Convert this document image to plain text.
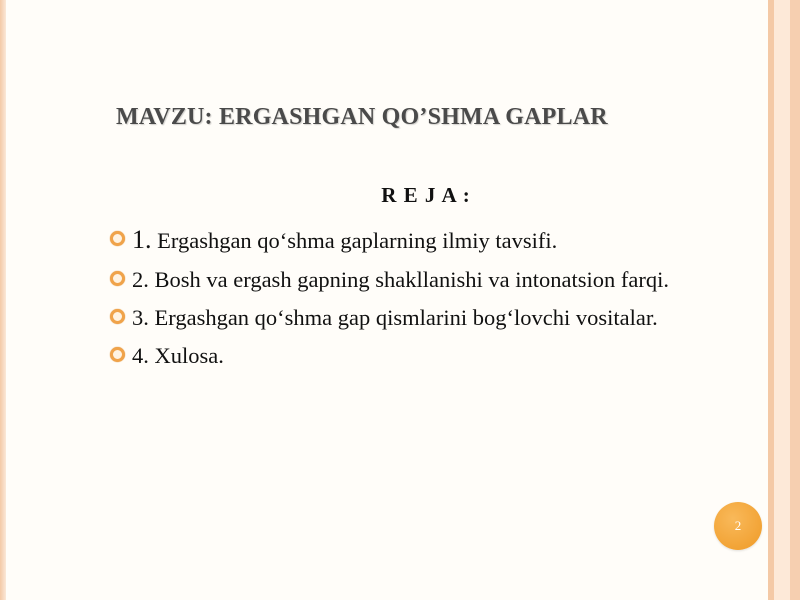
MAVZU: ERGASHGAN QO’SHMA GAPLAR
R E J A :
1. Ergashgan qo‘shma gaplarning ilmiy tavsifi.
2. Bosh va ergash gapning shakllanishi va intonatsion farqi.
3. Ergashgan qo‘shma gap qismlarini bog‘lovchi vositalar.
4. Xulosa.
2
